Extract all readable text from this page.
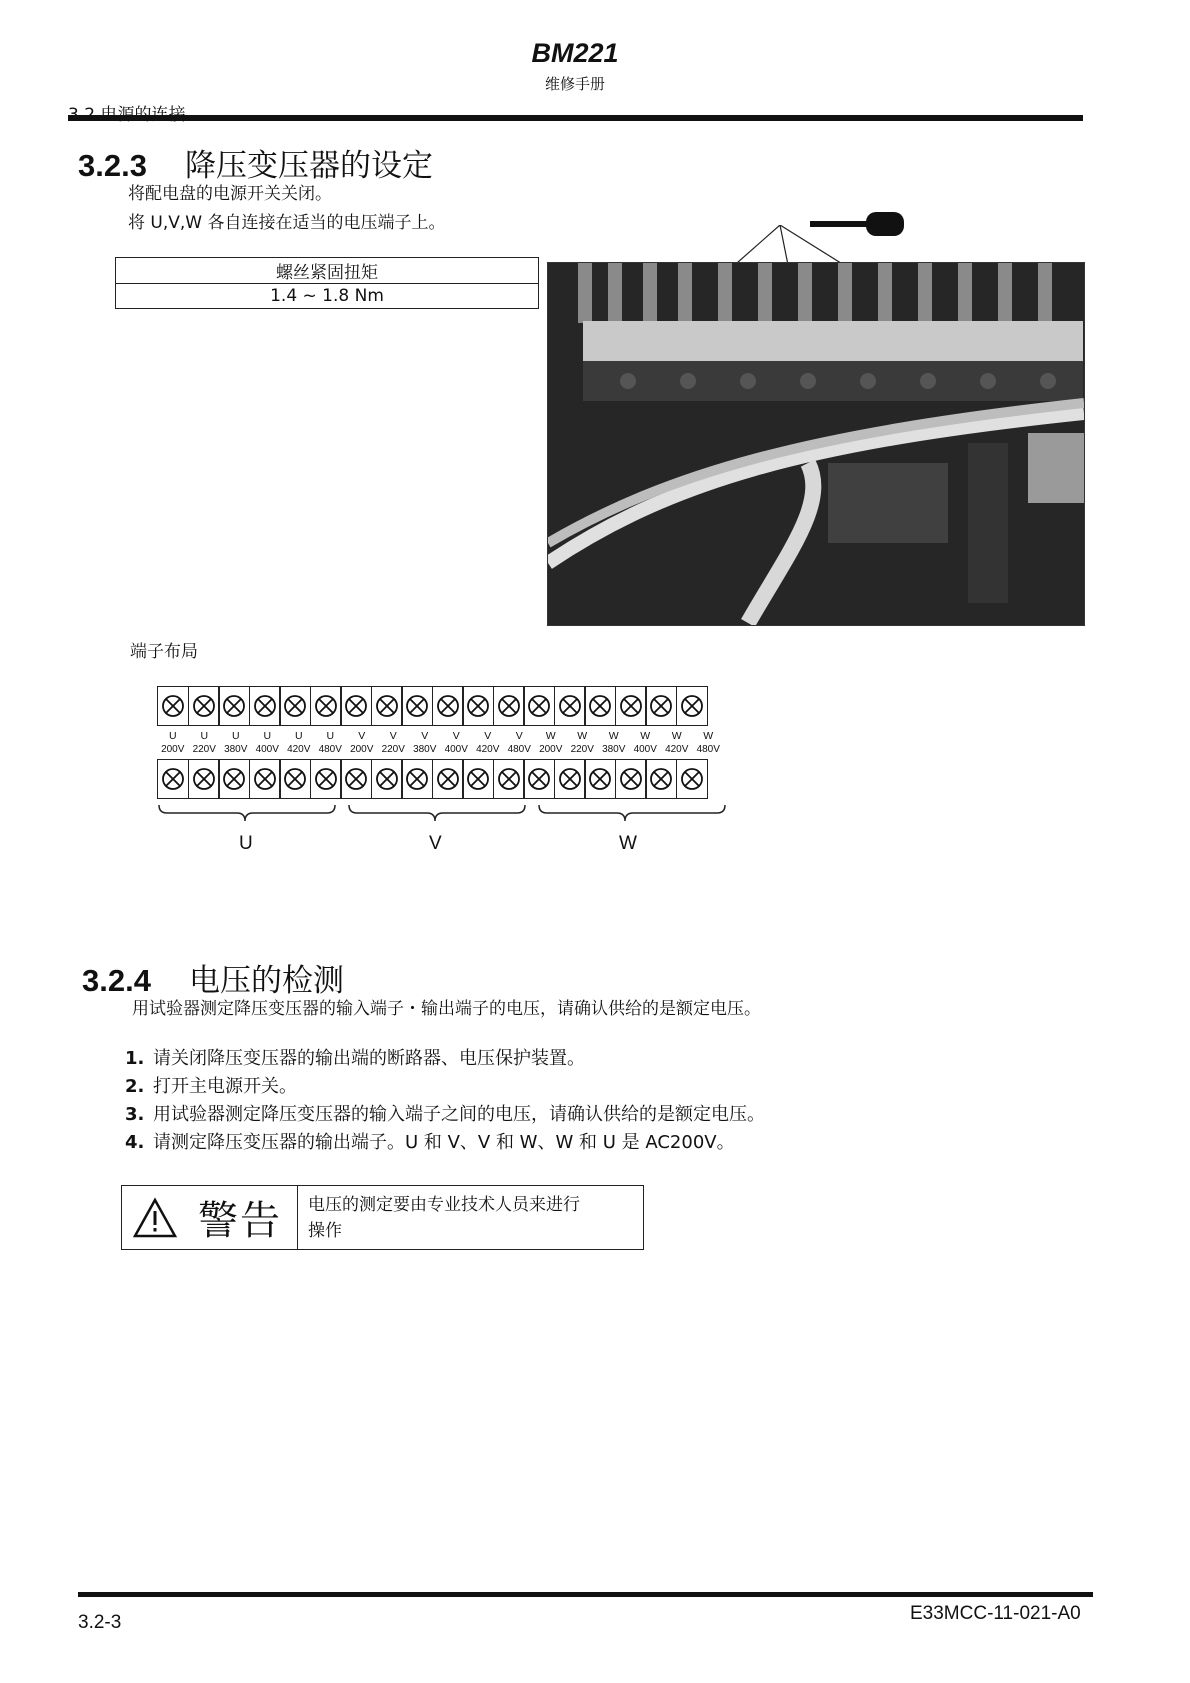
BM221
维修手册
3.2.3 降压变压器的设定
将配电盘的电源开关关闭。
将 U,V,W 各自连接在适当的电压端子上。
螺丝紧固扭矩
1.4 ~ 1.8 Nm
端子布局
U	U	U	U	U	U	V	V	V	V	V	V	W	W	W	W	W	W
200V 220V 380V 400V 420V 480V 200V 220V 380V 400V 420V 480V 200V 220V 380V 400V 420V 480V
U	V	W
3.2.4 电压的检测
用试验器测定降压变压器的输入端子・输出端子的电压，请确认供给的是额定电压。
1. 请关闭降压变压器的输出端的断路器、电压保护装置。
2. 打开主电源开关。
3. 用试验器测定降压变压器的输入端子之间的电压，请确认供给的是额定电压。
4. 请测定降压变压器的输出端子。U 和 V、V 和 W、W 和 U 是 AC200V。
警告 电压的测定要由专业技术人员来进行
操作
3.2-3	E33MCC-11-021-A0
